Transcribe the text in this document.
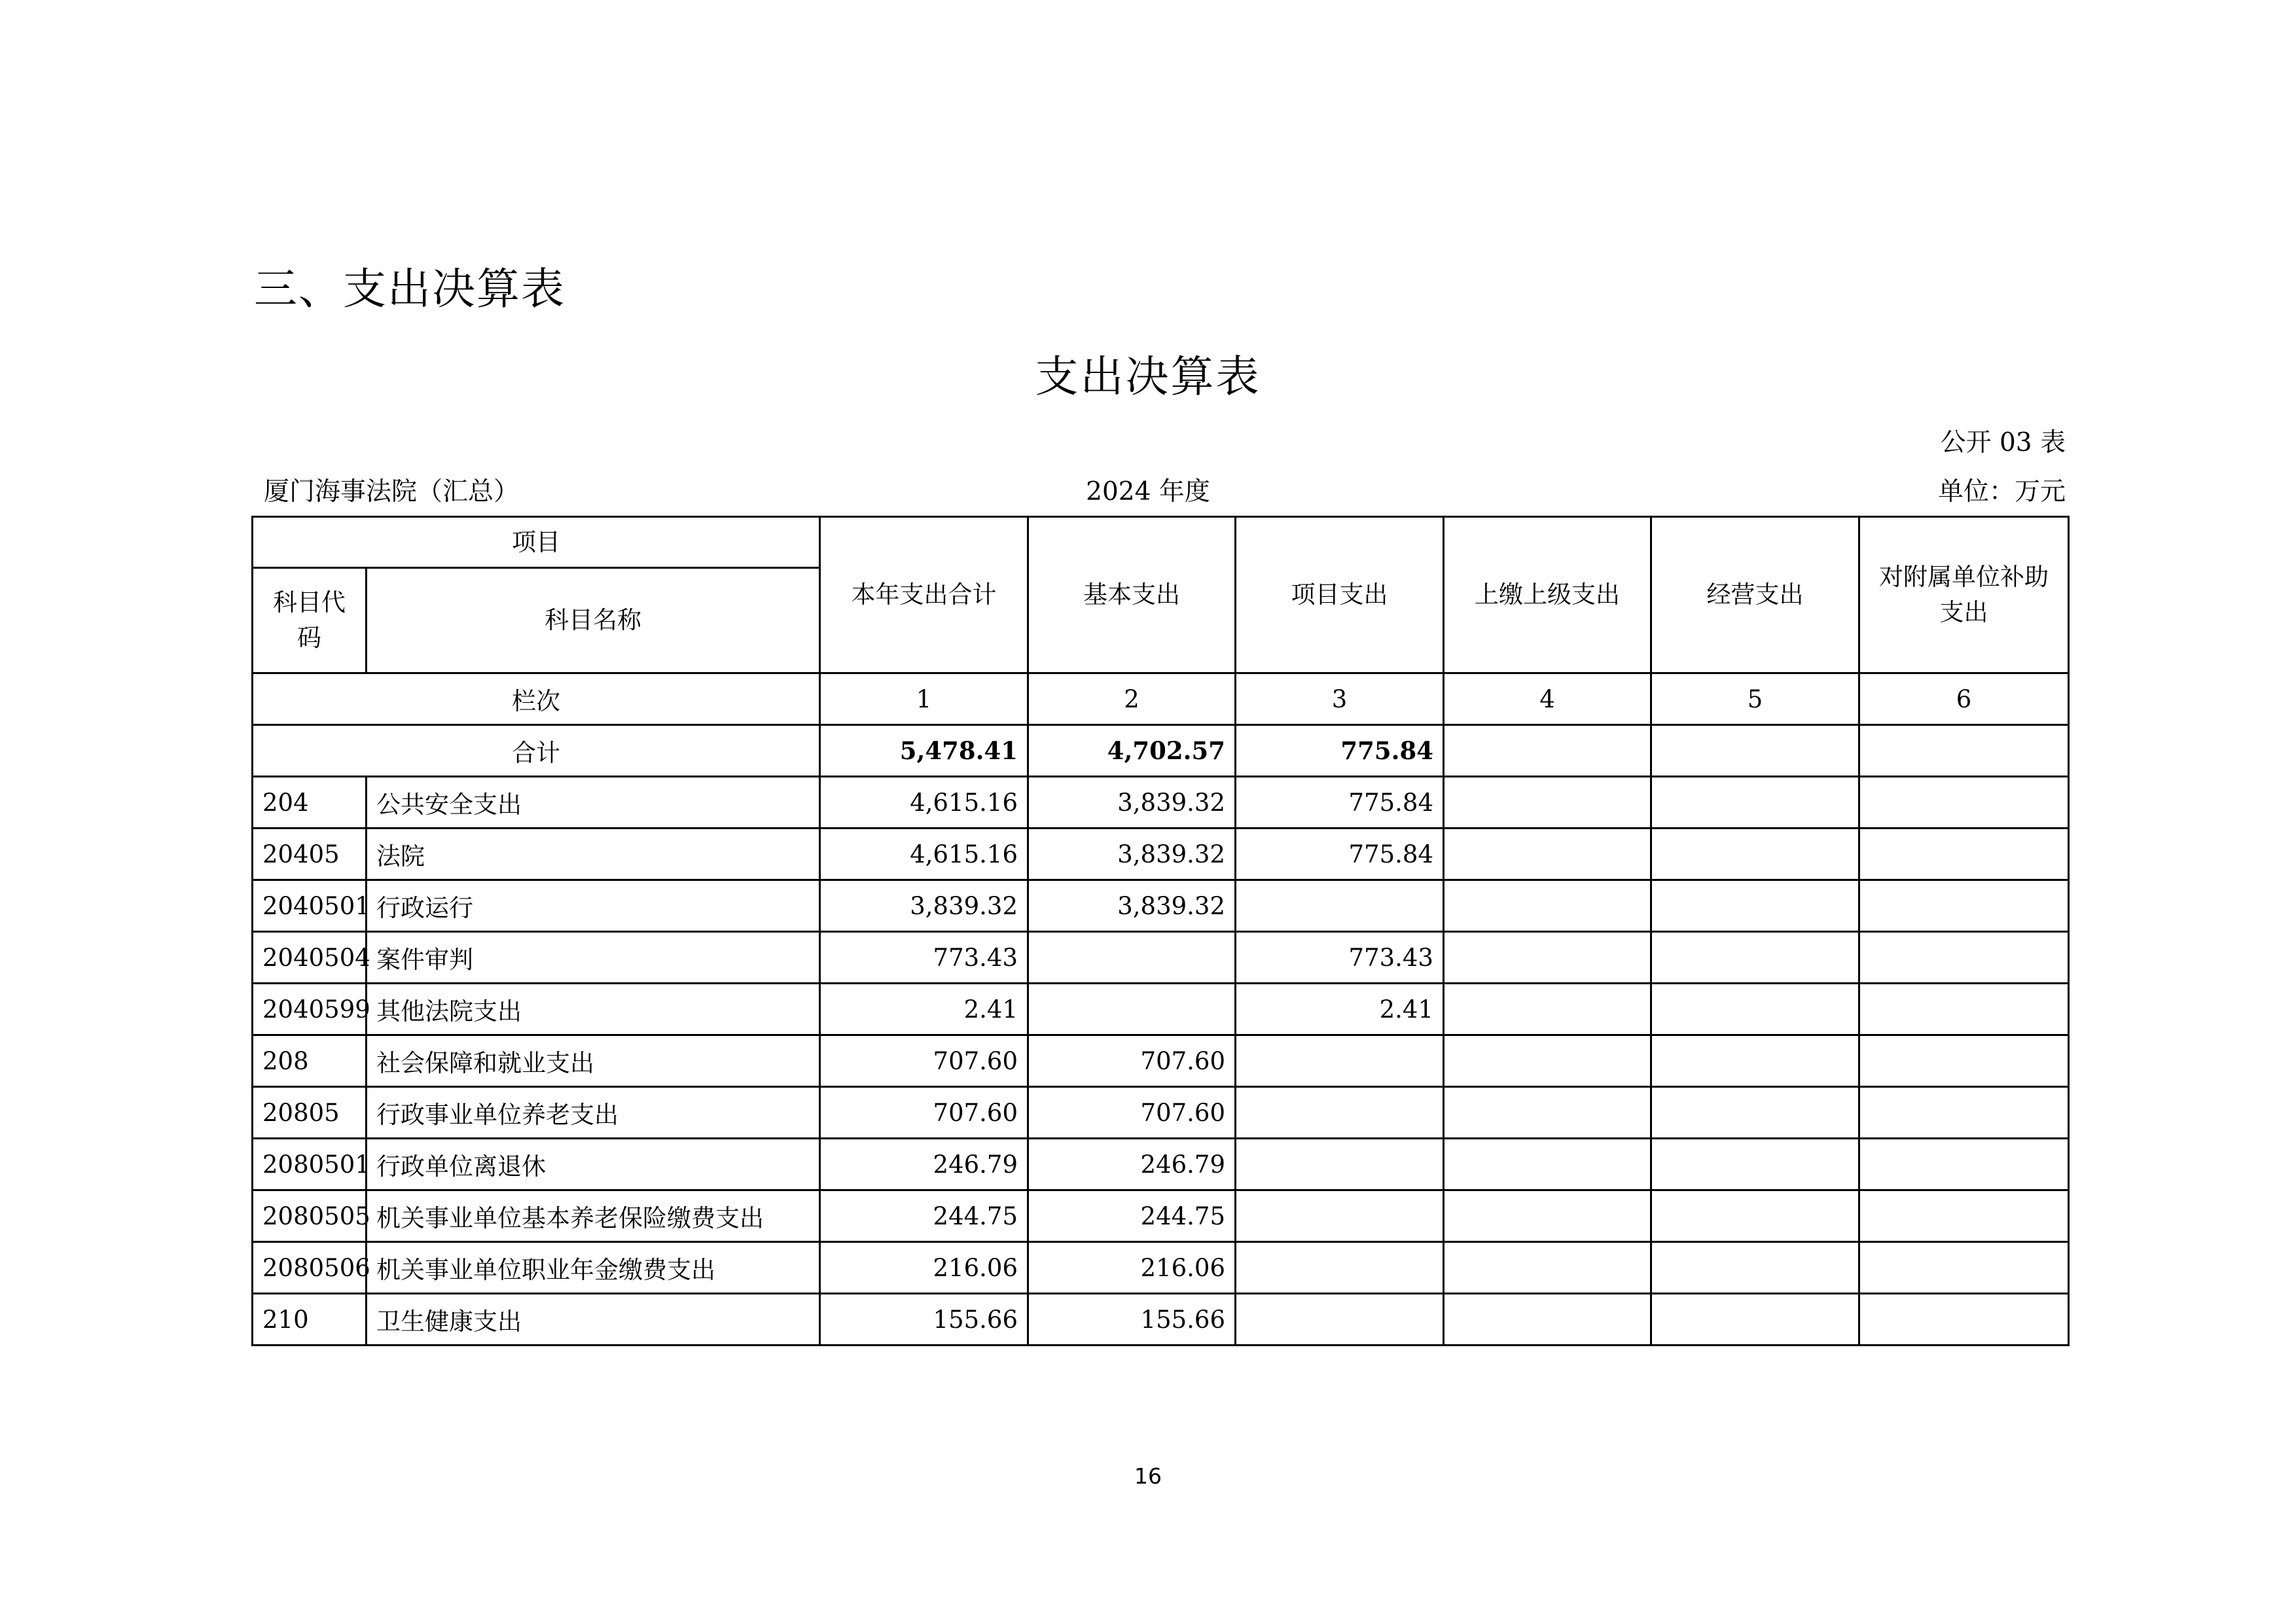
三、支出决算表
支出决算表
公开 03 表
厦门海事法院（汇总）	2024 年度	单位：万元
项目		本年支出合计	基本支出	项目支出	上缴上级支出	经营支出	对附属单位补助支出
科目代码	科目名称						
栏次		1	2	3	4	5	6
合计		5,478.41	4,702.57	775.84			
204	公共安全支出	4,615.16	3,839.32	775.84			
20405	法院	4,615.16	3,839.32	775.84			
2040501	行政运行	3,839.32	3,839.32				
2040504	案件审判	773.43		773.43			
2040599	其他法院支出	2.41		2.41			
208	社会保障和就业支出	707.60	707.60				
20805	行政事业单位养老支出	707.60	707.60				
2080501	行政单位离退休	246.79	246.79				
2080505	机关事业单位基本养老保险缴费支出	244.75	244.75				
2080506	机关事业单位职业年金缴费支出	216.06	216.06				
210	卫生健康支出	155.66	155.66				
16
